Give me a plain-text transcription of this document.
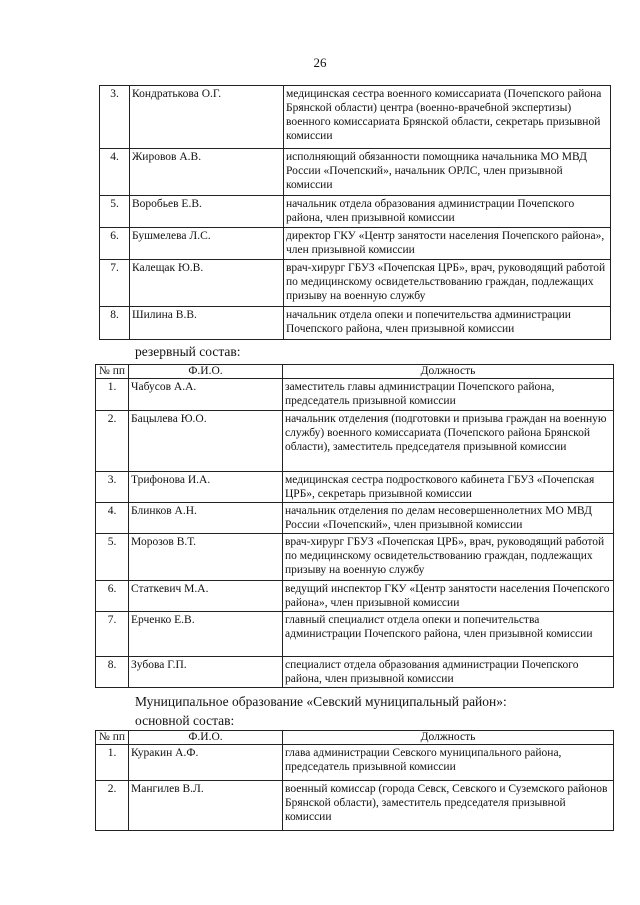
26
3.	Кондратькова О.Г.	медицинская сестра военного комиссариата (Почепского района Брянской области) центра (военно-врачебной экспертизы) военного комиссариата Брянской области, секретарь призывной комиссии
4.	Жировов А.В.	исполняющий обязанности помощника начальника МО МВД России «Почепский», начальник ОРЛС, член призывной комиссии
5.	Воробьев Е.В.	начальник отдела образования администрации Почепского района, член призывной комиссии
6.	Бушмелева Л.С.	директор ГКУ «Центр занятости населения Почепского района», член призывной комиссии
7.	Калещак Ю.В.	врач-хирург ГБУЗ «Почепская ЦРБ», врач, руководящий работой по медицинскому освидетельствованию граждан, подлежащих призыву на военную службу
8.	Шилина В.В.	начальник отдела опеки и попечительства администрации Почепского района, член призывной комиссии
резервный состав:
№ пп	Ф.И.О.	Должность
1.	Чабусов А.А.	заместитель главы администрации Почепского района, председатель призывной комиссии
2.	Бацылева Ю.О.	начальник отделения (подготовки и призыва граждан на военную службу) военного комиссариата (Почепского района Брянской области), заместитель председателя призывной комиссии
3.	Трифонова И.А.	медицинская сестра подросткового кабинета ГБУЗ «Почепская ЦРБ», секретарь призывной комиссии
4.	Блинков А.Н.	начальник отделения по делам несовершеннолетних МО МВД России «Почепский», член призывной комиссии
5.	Морозов В.Т.	врач-хирург ГБУЗ «Почепская ЦРБ», врач, руководящий работой по медицинскому освидетельствованию граждан, подлежащих призыву на военную службу
6.	Статкевич М.А.	ведущий инспектор ГКУ «Центр занятости населения Почепского района», член призывной комиссии
7.	Ерченко Е.В.	главный специалист отдела опеки и попечительства администрации Почепского района, член призывной комиссии
8.	Зубова Г.П.	специалист отдела образования администрации Почепского района, член призывной комиссии
Муниципальное образование «Севский муниципальный район»:
основной состав:
№ пп	Ф.И.О.	Должность
1.	Куракин А.Ф.	глава администрации Севского муниципального района, председатель призывной комиссии
2.	Мангилев В.Л.	военный комиссар (города Севск, Севского и Суземского районов Брянской области), заместитель председателя призывной комиссии
